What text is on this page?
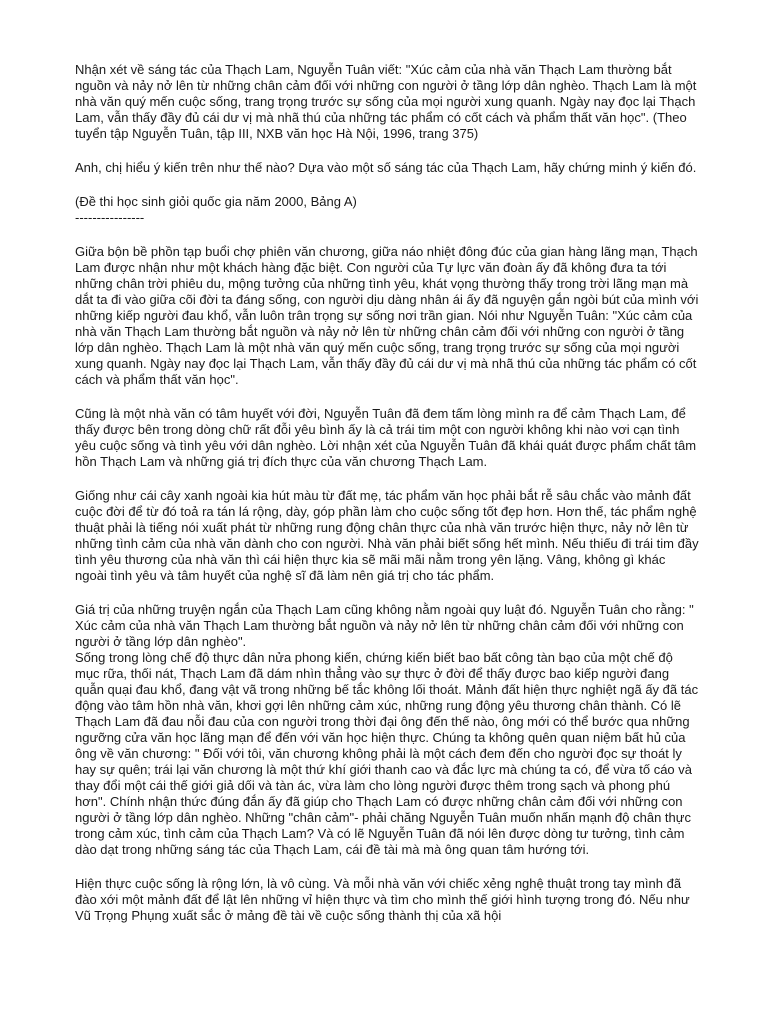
Nhận xét về sáng tác của Thạch Lam, Nguyễn Tuân viết: "Xúc cảm của nhà văn Thạch Lam thường bắt nguồn và nảy nở lên từ những chân cảm đối với những con người ở tầng lớp dân nghèo. Thạch Lam là một nhà văn quý mến cuộc sống, trang trọng trước sự sống của mọi người xung quanh. Ngày nay đọc lại Thạch Lam, vẫn thấy đầy đủ cái dư vị mà nhã thú của những tác phẩm có cốt cách và phẩm thất văn học". (Theo tuyển tập Nguyễn Tuân, tập III, NXB văn học Hà Nội, 1996, trang 375)

Anh, chị hiểu ý kiến trên như thế nào? Dựa vào một số sáng tác của Thạch Lam, hãy chứng minh ý kiến đó.

(Đề thi học sinh giỏi quốc gia năm 2000, Bảng A)

----------------

Giữa bộn bề phồn tạp buổi chợ phiên văn chương, giữa náo nhiệt đông đúc của gian hàng lãng mạn, Thạch Lam được nhận như một khách hàng đặc biệt. Con người của Tự lực văn đoàn ấy đã không đưa ta tới những chân trời phiêu du, mộng tưởng của những tình yêu, khát vọng thường thấy trong trời lãng mạn mà dắt ta đi vào giữa cõi đời ta đáng sống, con người dịu dàng nhân ái ấy đã nguyện gắn ngòi bút của mình với những kiếp người đau khổ, vẫn luôn trân trọng sự sống nơi trần gian. Nói như Nguyễn Tuân: "Xúc cảm của nhà văn Thạch Lam thường bắt nguồn và nảy nở lên từ những chân cảm đối với những con người ở tầng lớp dân nghèo. Thạch Lam là một nhà văn quý mến cuộc sống, trang trọng trước sự sống của mọi người xung quanh. Ngày nay đọc lại Thạch Lam, vẫn thấy đầy đủ cái dư vị mà nhã thú của những tác phẩm có cốt cách và phẩm thất văn học".

Cũng là một nhà văn có tâm huyết với đời, Nguyễn Tuân đã đem tấm lòng mình ra để cảm Thạch Lam, để thấy được bên trong dòng chữ rất đỗi yêu bình ấy là cả trái tim một con người không khi nào vơi cạn tình yêu cuộc sống và tình yêu với dân nghèo. Lời nhận xét của Nguyễn Tuân đã khái quát được phẩm chất tâm hồn Thạch Lam và những giá trị đích thực của văn chương Thạch Lam.

Giống như cái cây xanh ngoài kia hút màu từ đất mẹ, tác phẩm văn học phải bắt rễ sâu chắc vào mảnh đất cuộc đời để từ đó toả ra tán lá rộng, dày, góp phần làm cho cuộc sống tốt đẹp hơn. Hơn thế, tác phẩm nghệ thuật phải là tiếng nói xuất phát từ những rung động chân thực của nhà văn trước hiện thực, nảy nở lên từ những tình cảm của nhà văn dành cho con người. Nhà văn phải biết sống hết mình. Nếu thiếu đi trái tim đầy tình yêu thương của nhà văn thì cái hiện thực kia sẽ mãi mãi nằm trong yên lặng. Vâng, không gì khác ngoài tình yêu và tâm huyết của nghệ sĩ đã làm nên giá trị cho tác phẩm.

Giá trị của những truyện ngắn của Thạch Lam cũng không nằm ngoài quy luật đó. Nguyễn Tuân cho rằng: " Xúc cảm của nhà văn Thạch Lam thường bắt nguồn và nảy nở lên từ những chân cảm đối với những con người ở tầng lớp dân nghèo".

Sống trong lòng chế độ thực dân nửa phong kiến, chứng kiến biết bao bất công tàn bạo của một chế độ mục rữa, thối nát, Thạch Lam đã dám nhìn thẳng vào sự thực ở đời để thấy được bao kiếp người đang quẫn quại đau khổ, đang vật vã trong những bế tắc không lối thoát. Mảnh đất hiện thực nghiệt ngã ấy đã tác động vào tâm hồn nhà văn, khơi gợi lên những cảm xúc, những rung động yêu thương chân thành. Có lẽ Thạch Lam đã đau nỗi đau của con người trong thời đại ông đến thế nào, ông mới có thể bước qua những ngưỡng cửa văn học lãng mạn để đến với văn học hiện thực. Chúng ta không quên quan niệm bất hủ của ông về văn chương: " Đối với tôi, văn chương không phải là một cách đem đến cho người đọc sự thoát ly hay sự quên; trái lại văn chương là một thứ khí giới thanh cao và đắc lực mà chúng ta có, để vừa tố cáo và thay đổi một cái thế giới giả dối và tàn ác, vừa làm cho lòng người được thêm trong sạch và phong phú hơn". Chính nhận thức đúng đắn ấy đã giúp cho Thạch Lam có được những chân cảm đối với những con người ở tầng lớp dân nghèo. Những "chân cảm"- phải chăng Nguyễn Tuân muốn nhấn mạnh độ chân thực trong cảm xúc, tình cảm của Thạch Lam? Và có lẽ Nguyễn Tuân đã nói lên được dòng tư tưởng, tình cảm dào dạt trong những sáng tác của Thạch Lam, cái đề tài mà mà ông quan tâm hướng tới.

Hiện thực cuộc sống là rộng lớn, là vô cùng. Và mỗi nhà văn với chiếc xẻng nghệ thuật trong tay mình đã đào xới một mảnh đất để lật lên những vỉ hiện thực và tìm cho mình thế giới hình tượng trong đó. Nếu như Vũ Trọng Phụng xuất sắc ở mảng đề tài về cuộc sống thành thị của xã hội
